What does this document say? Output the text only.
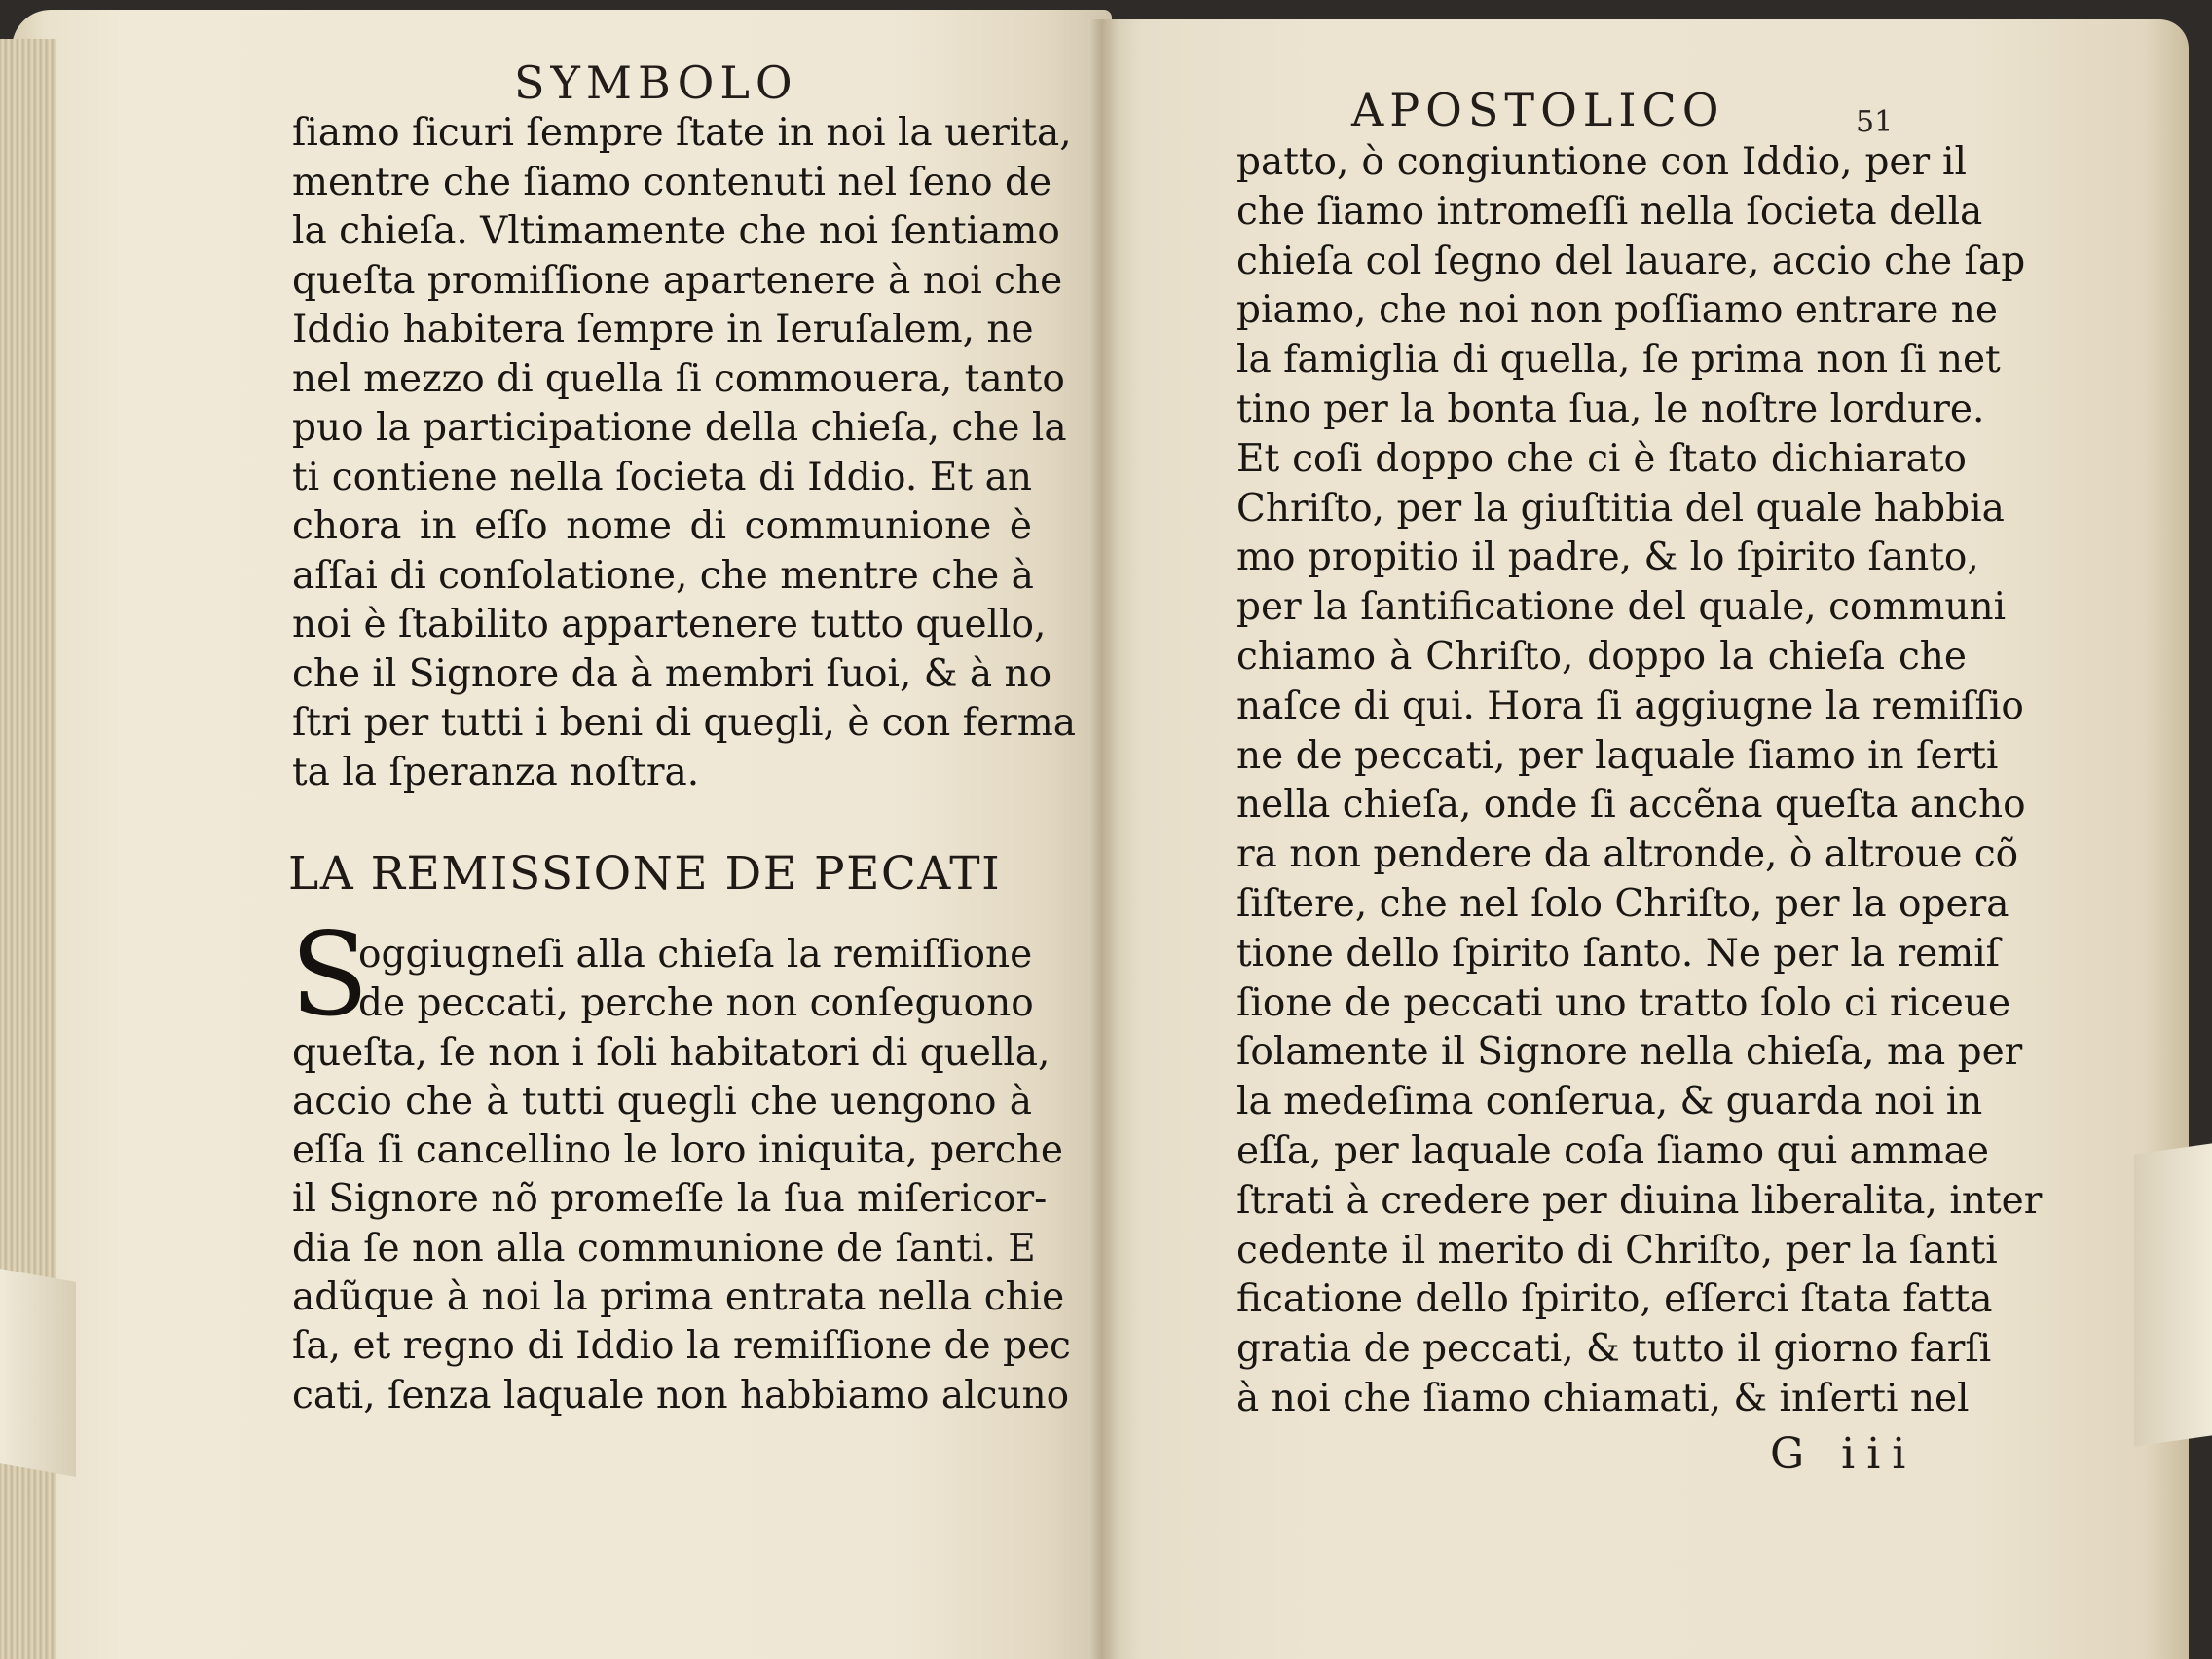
SYMBOLO
APOSTOLICO	51
ſiamo ſicuri ſempre ſtate in noi la uerita,
mentre che ſiamo contenuti nel ſeno de
la chieſa. Vltimamente che noi ſentiamo
queſta promiſſione apartenere à noi che
Iddio habitera ſempre in Ieruſalem, ne
nel mezzo di quella ſi commouera, tanto
puo la participatione della chieſa, che la
ti contiene nella ſocieta di Iddio. Et an
chora in eſſo nome di communione è
aſſai di conſolatione, che mentre che à
noi è ſtabilito appartenere tutto quello,
che il Signore da à membri ſuoi, & à no
ſtri per tutti i beni di quegli, è con ferma
ta la ſperanza noſtra.
LA REMISSIONE DE PECATI
S
oggiugneſi alla chieſa la remiſſione
de peccati, perche non conſeguono
queſta, ſe non i ſoli habitatori di quella,
accio che à tutti quegli che uengono à
eſſa ſi cancellino le loro iniquita, perche
il Signore nõ promeſſe la ſua miſericor-
dia ſe non alla communione de ſanti. E
adũque à noi la prima entrata nella chie
ſa, et regno di Iddio la remiſſione de pec
cati, ſenza laquale non habbiamo alcuno
patto, ò congiuntione con Iddio, per il
che ſiamo intromeſſi nella ſocieta della
chieſa col ſegno del lauare, accio che ſap
piamo, che noi non poſſiamo entrare ne
la famiglia di quella, ſe prima non ſi net
tino per la bonta ſua, le noſtre lordure.
Et coſi doppo che ci è ſtato dichiarato
Chriſto, per la giuſtitia del quale habbia
mo propitio il padre, & lo ſpirito ſanto,
per la ſantificatione del quale, communi
chiamo à Chriſto, doppo la chieſa che
naſce di qui. Hora ſi aggiugne la remiſſio
ne de peccati, per laquale ſiamo in ſerti
nella chieſa, onde ſi accẽna queſta ancho
ra non pendere da altronde, ò altroue cõ
ſiſtere, che nel ſolo Chriſto, per la opera
tione dello ſpirito ſanto. Ne per la remiſ
ſione de peccati uno tratto ſolo ci riceue
ſolamente il Signore nella chieſa, ma per
la medeſima conſerua, & guarda noi in
eſſa, per laquale coſa ſiamo qui ammae
ſtrati à credere per diuina liberalita, inter
cedente il merito di Chriſto, per la ſanti
ficatione dello ſpirito, eſſerci ſtata fatta
gratia de peccati, & tutto il giorno farſi
à noi che ſiamo chiamati, & inſerti nel
G iii
